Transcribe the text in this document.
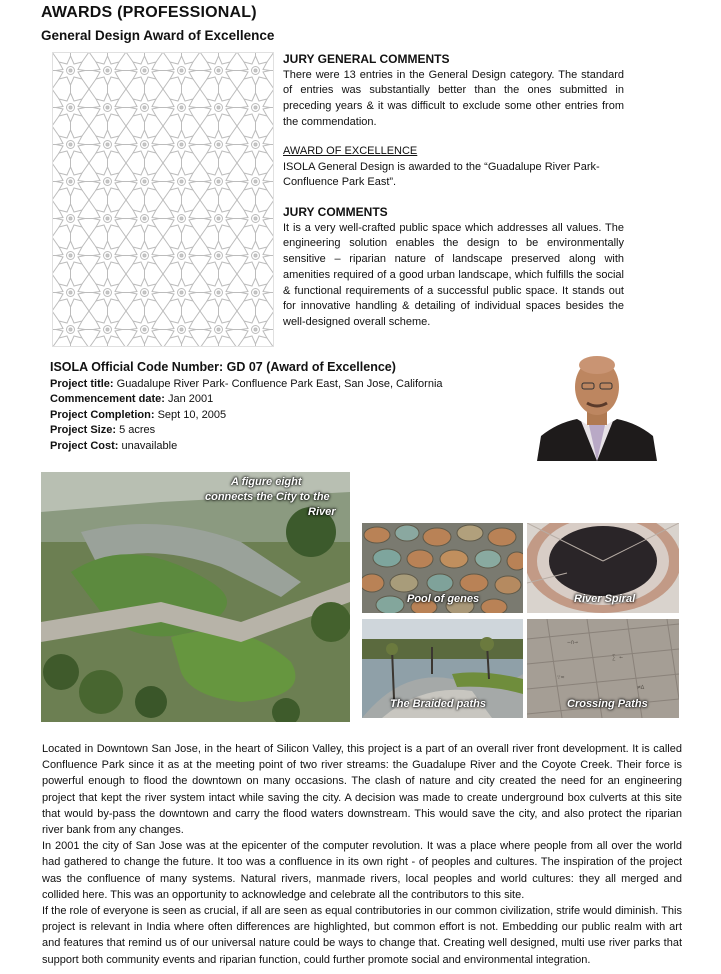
AWARDS (PROFESSIONAL)
General Design Award of Excellence
JURY GENERAL COMMENTS
There were 13 entries in the General Design category. The standard of entries was substantially better than the ones submitted in preceding years & it was difficult to exclude some other entries from the commendation.
AWARD OF EXCELLENCE
ISOLA General Design is awarded to the “Guadalupe River Park- Confluence Park East”.
JURY COMMENTS
It is a very well-crafted public space which addresses all values. The engineering solution enables the design to be environmentally sensitive – riparian nature of landscape preserved along with amenities required of a good urban landscape, which fulfills the social & functional requirements of a successful public space. It stands out for innovative handling & detailing of individual spaces besides the well-designed overall scheme.
ISOLA Official Code Number: GD 07 (Award of Excellence)
Project title: Guadalupe River Park- Confluence Park East, San Jose, California
Commencement date: Jan 2001
Project Completion: Sept 10, 2005
Project Size: 5 acres
Project Cost: unavailable
A figure eight
connects the City to the
River
Pool of genes	River Spiral
The Braided paths
−∩→
∑ ←
∵≈
≠∆
Crossing Paths

Located in Downtown San Jose, in the heart of Silicon Valley, this project is a part of an overall river front development. It is called Confluence Park since it as at the meeting point of two river streams: the Guadalupe River and the Coyote Creek. Their force is powerful enough to flood the downtown on many occasions. The clash of nature and city created the need for an engineering project that kept the river system intact while saving the city. A decision was made to create underground box culverts at this site that would by-pass the downtown and carry the flood waters downstream. This would save the city, and also protect the riparian river bank from any changes.

In 2001 the city of San Jose was at the epicenter of the computer revolution. It was a place where people from all over the world had gathered to change the future. It too was a confluence in its own right - of peoples and cultures. The inspiration of the project was the confluence of many systems. Natural rivers, manmade rivers, local peoples and world cultures: they all merged and collided here. This was an opportunity to acknowledge and celebrate all the contributors to this site.

If the role of everyone is seen as crucial, if all are seen as equal contributories in our common civilization, strife would diminish. This project is relevant in India where often differences are highlighted, but common effort is not. Embedding our public realm with art and features that remind us of our universal nature could be ways to change that. Creating well designed, multi use river parks that support both community events and riparian function, could further promote social and environmental integration.
